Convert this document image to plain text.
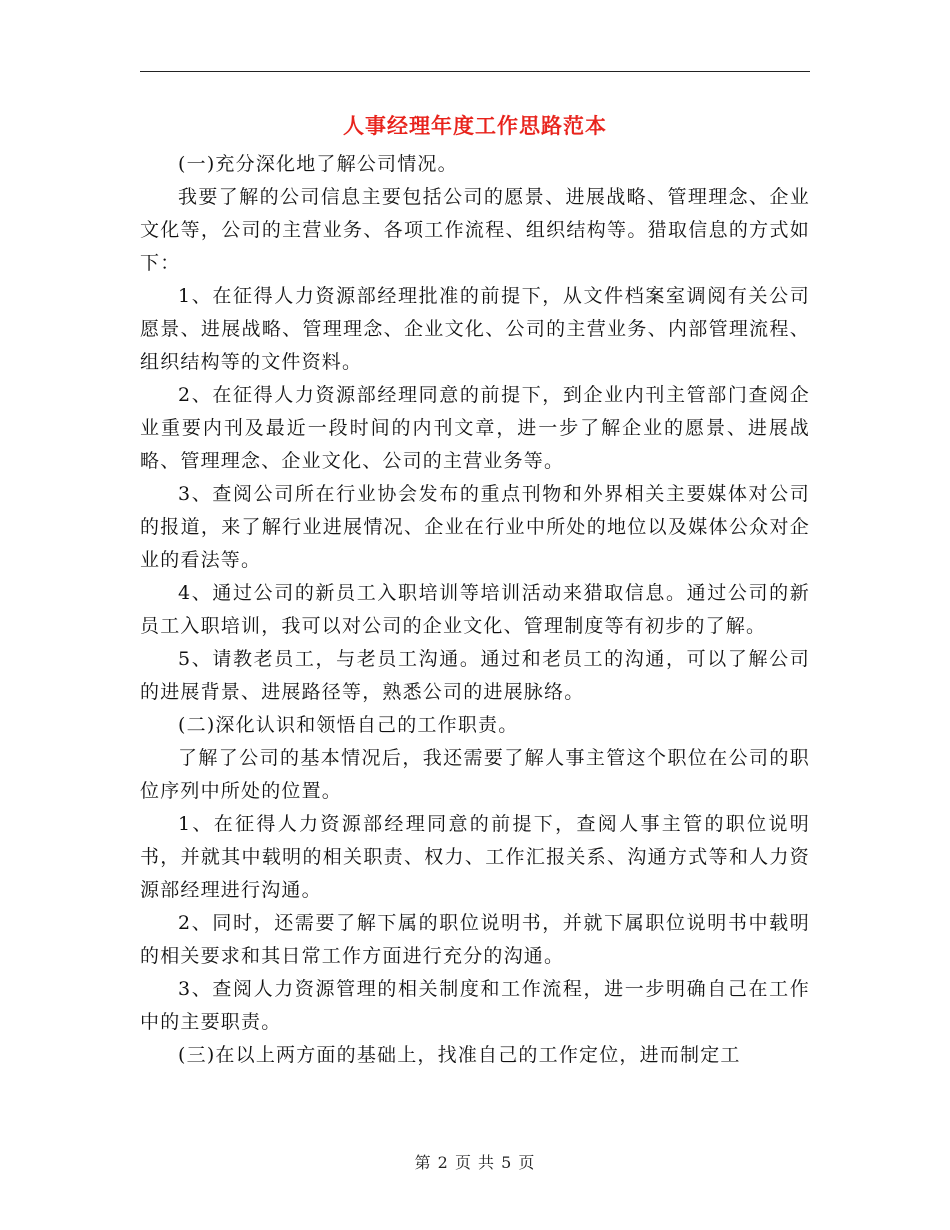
人事经理年度工作思路范本

(一)充分深化地了解公司情况。

我要了解的公司信息主要包括公司的愿景、进展战略、管理理念、企业文化等，公司的主营业务、各项工作流程、组织结构等。猎取信息的方式如下：

1、在征得人力资源部经理批准的前提下，从文件档案室调阅有关公司愿景、进展战略、管理理念、企业文化、公司的主营业务、内部管理流程、组织结构等的文件资料。

2、在征得人力资源部经理同意的前提下，到企业内刊主管部门查阅企业重要内刊及最近一段时间的内刊文章，进一步了解企业的愿景、进展战略、管理理念、企业文化、公司的主营业务等。

3、查阅公司所在行业协会发布的重点刊物和外界相关主要媒体对公司的报道，来了解行业进展情况、企业在行业中所处的地位以及媒体公众对企业的看法等。

4、通过公司的新员工入职培训等培训活动来猎取信息。通过公司的新员工入职培训，我可以对公司的企业文化、管理制度等有初步的了解。

5、请教老员工，与老员工沟通。通过和老员工的沟通，可以了解公司的进展背景、进展路径等，熟悉公司的进展脉络。

(二)深化认识和领悟自己的工作职责。

了解了公司的基本情况后，我还需要了解人事主管这个职位在公司的职位序列中所处的位置。

1、在征得人力资源部经理同意的前提下，查阅人事主管的职位说明书，并就其中载明的相关职责、权力、工作汇报关系、沟通方式等和人力资源部经理进行沟通。

2、同时，还需要了解下属的职位说明书，并就下属职位说明书中载明的相关要求和其日常工作方面进行充分的沟通。

3、查阅人力资源管理的相关制度和工作流程，进一步明确自己在工作中的主要职责。

(三)在以上两方面的基础上，找准自己的工作定位，进而制定工

第 2 页 共 5 页
